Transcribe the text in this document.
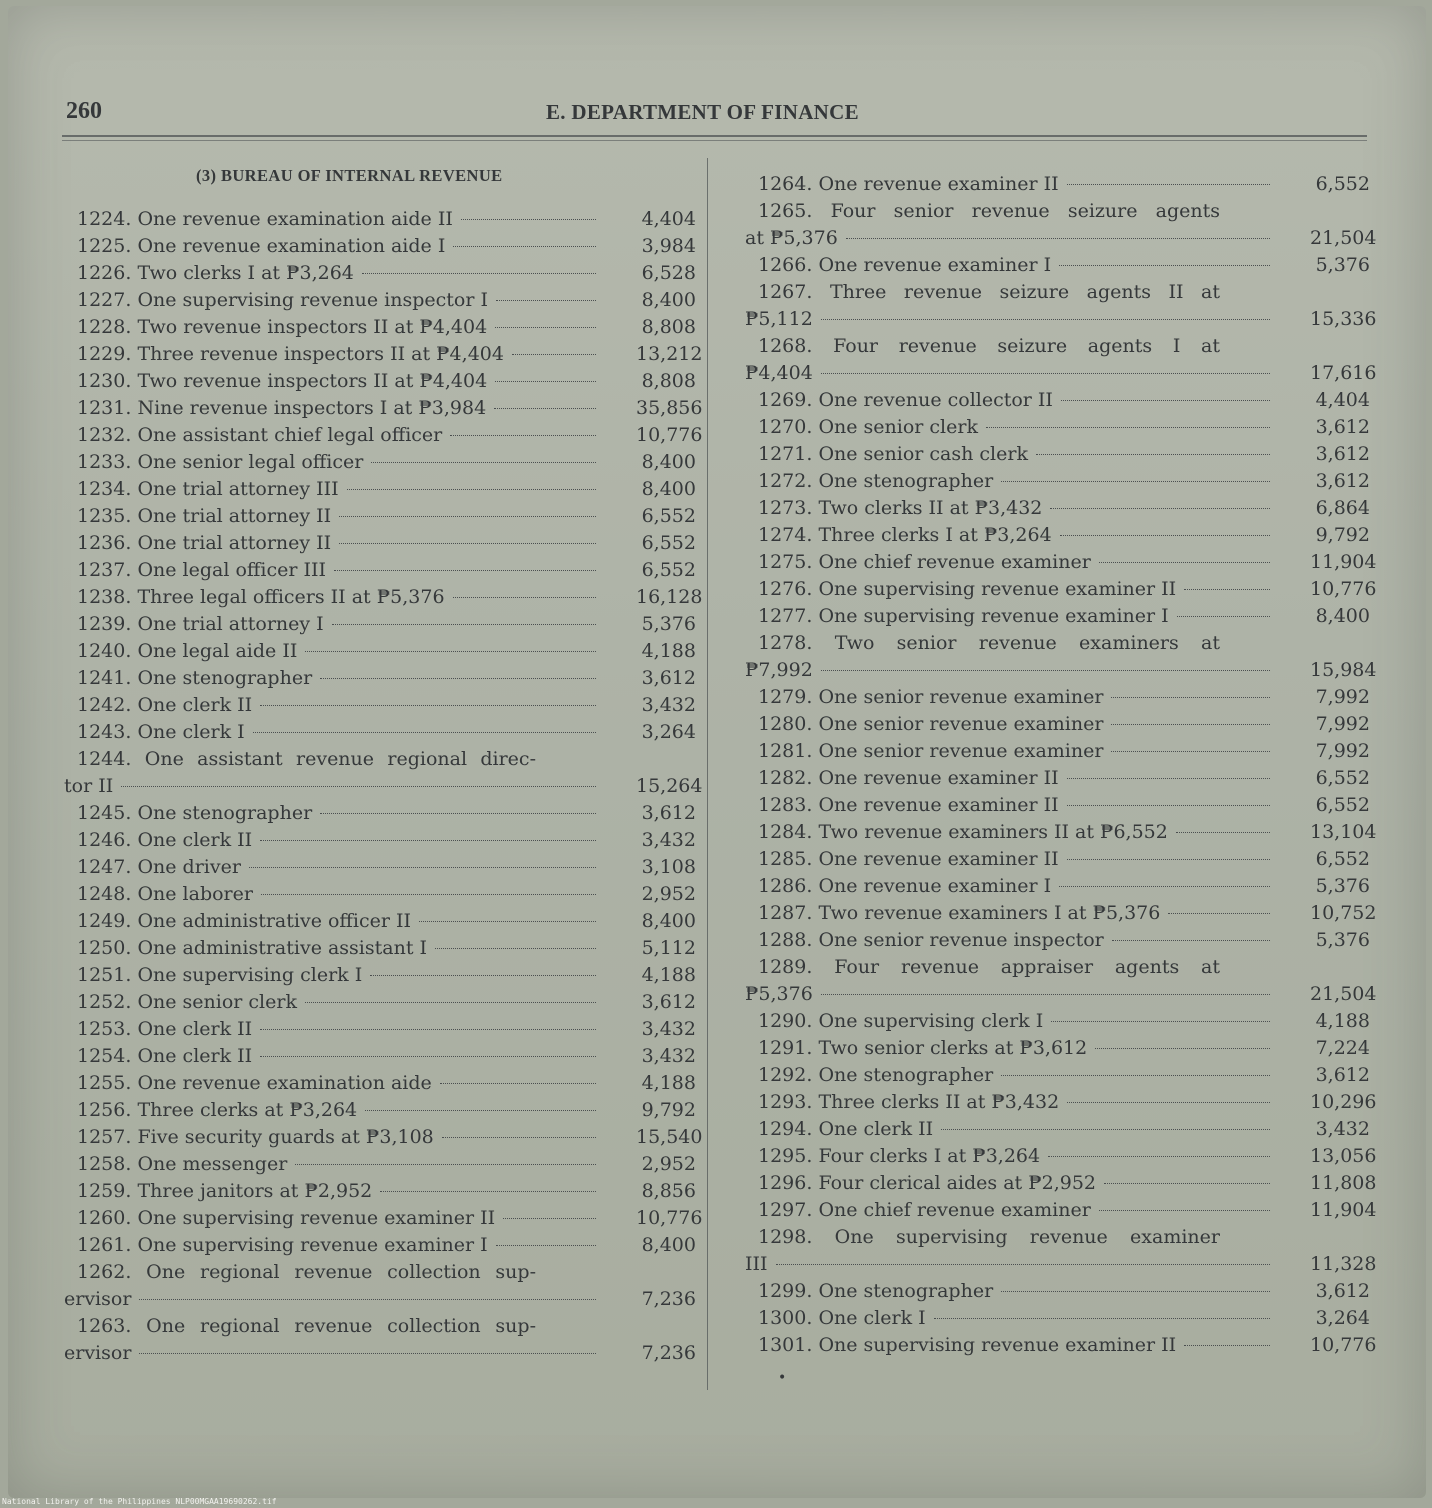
260	E. DEPARTMENT OF FINANCE
(3) BUREAU OF INTERNAL REVENUE
1224. One revenue examination aide II	4,404
1225. One revenue examination aide I	3,984
1226. Two clerks I at ₱3,264	6,528
1227. One supervising revenue inspector I	8,400
1228. Two revenue inspectors II at ₱4,404	8,808
1229. Three revenue inspectors II at ₱4,404	13,212
1230. Two revenue inspectors II at ₱4,404	8,808
1231. Nine revenue inspectors I at ₱3,984	35,856
1232. One assistant chief legal officer	10,776
1233. One senior legal officer	8,400
1234. One trial attorney III	8,400
1235. One trial attorney II	6,552
1236. One trial attorney II	6,552
1237. One legal officer III	6,552
1238. Three legal officers II at ₱5,376	16,128
1239. One trial attorney I	5,376
1240. One legal aide II	4,188
1241. One stenographer	3,612
1242. One clerk II	3,432
1243. One clerk I	3,264
1244. One assistant revenue regional direc-
tor II	15,264
1245. One stenographer	3,612
1246. One clerk II	3,432
1247. One driver	3,108
1248. One laborer	2,952
1249. One administrative officer II	8,400
1250. One administrative assistant I	5,112
1251. One supervising clerk I	4,188
1252. One senior clerk	3,612
1253. One clerk II	3,432
1254. One clerk II	3,432
1255. One revenue examination aide	4,188
1256. Three clerks at ₱3,264	9,792
1257. Five security guards at ₱3,108	15,540
1258. One messenger	2,952
1259. Three janitors at ₱2,952	8,856
1260. One supervising revenue examiner II	10,776
1261. One supervising revenue examiner I	8,400
1262. One regional revenue collection sup-
ervisor	7,236
1263. One regional revenue collection sup-
ervisor	7,236
1264. One revenue examiner II	6,552
1265. Four senior revenue seizure agents
at ₱5,376	21,504
1266. One revenue examiner I	5,376
1267. Three revenue seizure agents II at
₱5,112	15,336
1268. Four revenue seizure agents I at
₱4,404	17,616
1269. One revenue collector II	4,404
1270. One senior clerk	3,612
1271. One senior cash clerk	3,612
1272. One stenographer	3,612
1273. Two clerks II at ₱3,432	6,864
1274. Three clerks I at ₱3,264	9,792
1275. One chief revenue examiner	11,904
1276. One supervising revenue examiner II	10,776
1277. One supervising revenue examiner I	8,400
1278. Two senior revenue examiners at
₱7,992	15,984
1279. One senior revenue examiner	7,992
1280. One senior revenue examiner	7,992
1281. One senior revenue examiner	7,992
1282. One revenue examiner II	6,552
1283. One revenue examiner II	6,552
1284. Two revenue examiners II at ₱6,552	13,104
1285. One revenue examiner II	6,552
1286. One revenue examiner I	5,376
1287. Two revenue examiners I at ₱5,376	10,752
1288. One senior revenue inspector	5,376
1289. Four revenue appraiser agents at
₱5,376	21,504
1290. One supervising clerk I	4,188
1291. Two senior clerks at ₱3,612	7,224
1292. One stenographer	3,612
1293. Three clerks II at ₱3,432	10,296
1294. One clerk II	3,432
1295. Four clerks I at ₱3,264	13,056
1296. Four clerical aides at ₱2,952	11,808
1297. One chief revenue examiner	11,904
1298. One supervising revenue examiner
III	11,328
1299. One stenographer	3,612
1300. One clerk I	3,264
1301. One supervising revenue examiner II	10,776
•
National Library of the Philippines NLP00MGAA19690262.tif
